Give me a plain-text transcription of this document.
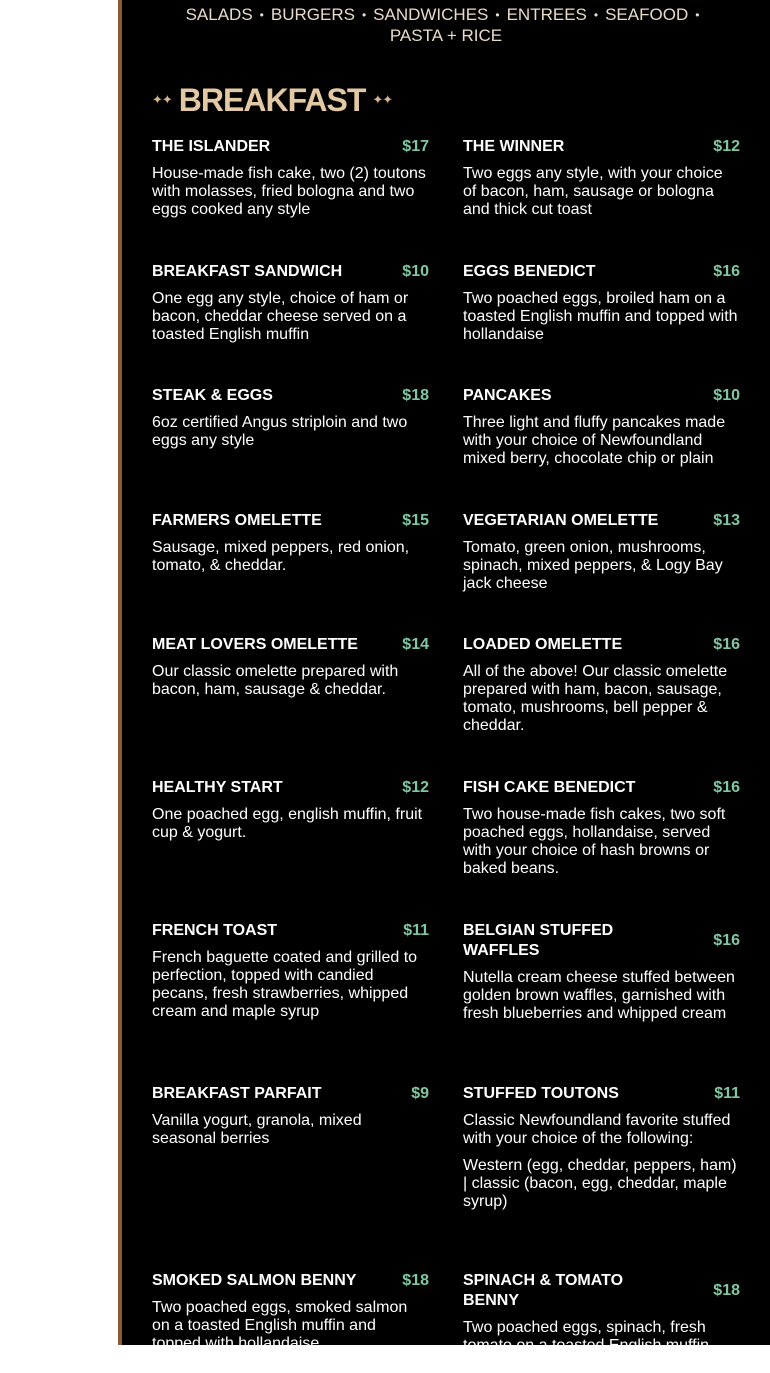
SALADS • BURGERS • SANDWICHES • ENTREES • SEAFOOD •
PASTA + RICE
✦✦ BREAKFAST ✦✦
THE ISLANDER	$17
House-made fish cake, two (2) toutons with molasses, fried bologna and two eggs cooked any style
THE WINNER	$12
Two eggs any style, with your choice of bacon, ham, sausage or bologna and thick cut toast
BREAKFAST SANDWICH	$10
One egg any style, choice of ham or bacon, cheddar cheese served on a toasted English muffin
EGGS BENEDICT	$16
Two poached eggs, broiled ham on a toasted English muffin and topped with hollandaise
STEAK & EGGS	$18
6oz certified Angus striploin and two eggs any style
PANCAKES	$10
Three light and fluffy pancakes made with your choice of Newfoundland mixed berry, chocolate chip or plain
FARMERS OMELETTE	$15
Sausage, mixed peppers, red onion, tomato, & cheddar.
VEGETARIAN OMELETTE	$13
Tomato, green onion, mushrooms, spinach, mixed peppers, & Logy Bay jack cheese
MEAT LOVERS OMELETTE	$14
Our classic omelette prepared with bacon, ham, sausage & cheddar.
LOADED OMELETTE	$16
All of the above! Our classic omelette prepared with ham, bacon, sausage, tomato, mushrooms, bell pepper & cheddar.
HEALTHY START	$12
One poached egg, english muffin, fruit cup & yogurt.
FISH CAKE BENEDICT	$16
Two house-made fish cakes, two soft poached eggs, hollandaise, served with your choice of hash browns or baked beans.
FRENCH TOAST	$11
French baguette coated and grilled to perfection, topped with candied pecans, fresh strawberries, whipped cream and maple syrup
BELGIAN STUFFED WAFFLES
$16
Nutella cream cheese stuffed between golden brown waffles, garnished with fresh blueberries and whipped cream
BREAKFAST PARFAIT	$9
Vanilla yogurt, granola, mixed seasonal berries
STUFFED TOUTONS	$11
Classic Newfoundland favorite stuffed with your choice of the following:
Western (egg, cheddar, peppers, ham) | classic (bacon, egg, cheddar, maple syrup)
SMOKED SALMON BENNY	$18
Two poached eggs, smoked salmon on a toasted English muffin and topped with hollandaise
SPINACH & TOMATO BENNY
$18
Two poached eggs, spinach, fresh tomato on a toasted English muffin and topped with hollandaise
